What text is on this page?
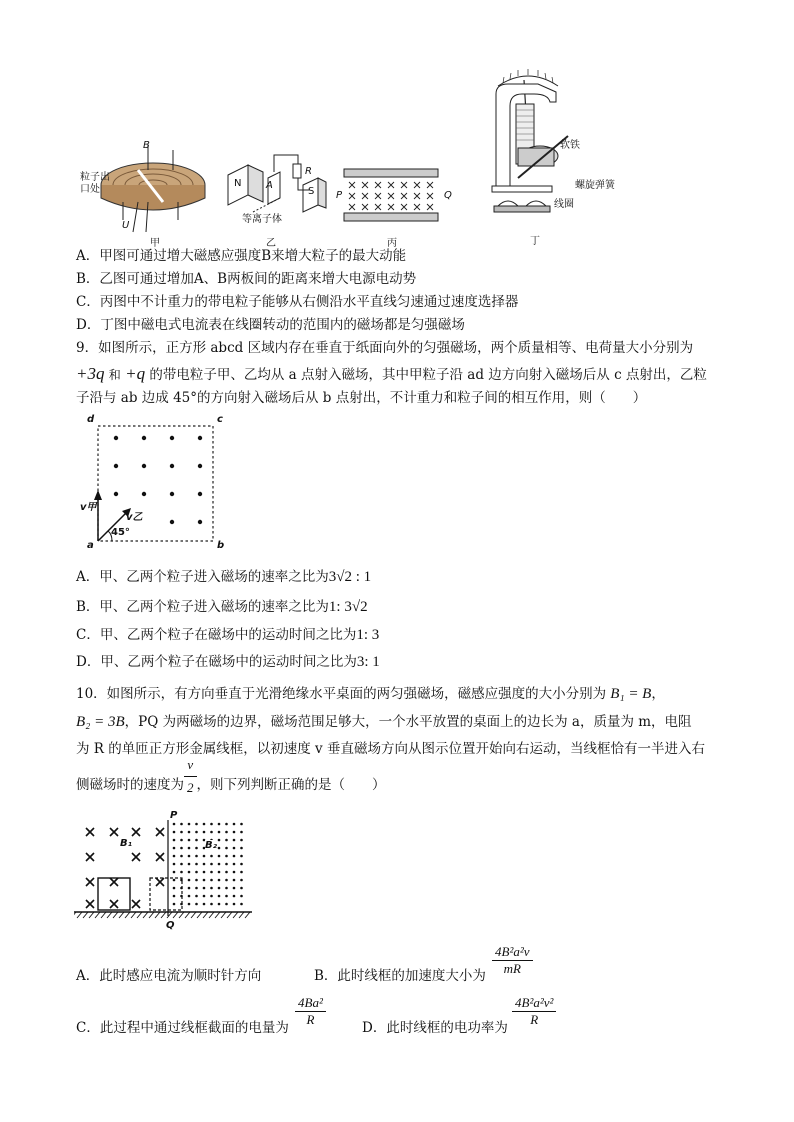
B
粒子出口处
U
甲
N A
R
S
等离子体
乙
P	Q
丙
软铁
螺旋弹簧
线圈
丁
A．甲图可通过增大磁感应强度B来增大粒子的最大动能
B．乙图可通过增加A、B两板间的距离来增大电源电动势
C．丙图中不计重力的带电粒子能够从右侧沿水平直线匀速通过速度选择器
D．丁图中磁电式电流表在线圈转动的范围内的磁场都是匀强磁场
9．如图所示，正方形 abcd 区域内存在垂直于纸面向外的匀强磁场，两个质量相等、电荷量大小分别为
+3q 和 +q 的带电粒子甲、乙均从 a 点射入磁场，其中甲粒子沿 ad 边方向射入磁场后从 c 点射出，乙粒
子沿与 ab 边成 45°的方向射入磁场后从 b 点射出，不计重力和粒子间的相互作用，则（　　）
d	c
v甲
v乙
45°
a	b
A．甲、乙两个粒子进入磁场的速率之比为3√2 : 1
B．甲、乙两个粒子进入磁场的速率之比为1: 3√2
C．甲、乙两个粒子在磁场中的运动时间之比为1: 3
D．甲、乙两个粒子在磁场中的运动时间之比为3: 1
10．如图所示，有方向垂直于光滑绝缘水平桌面的两匀强磁场，磁感应强度的大小分别为 B₁ = B，
B₂ = 3B，PQ 为两磁场的边界，磁场范围足够大，一个水平放置的桌面上的边长为 a，质量为 m，电阻
为 R 的单匝正方形金属线框，以初速度 v 垂直磁场方向从图示位置开始向右运动，当线框恰有一半进入右
侧磁场时的速度为 $\frac{v}{2}$ ，则下列判断正确的是（　　）
P
B₁	B₂
Q
A．此时感应电流为顺时针方向	B．此时线框的加速度大小为 $\frac{\text{4B²a²v}}{mR}$
C．此过程中通过线框截面的电量为 $\frac{\text{4Ba²}}{R}$	D．此时线框的电功率为 $\frac{\text{4B²a²v²}}{R}$
